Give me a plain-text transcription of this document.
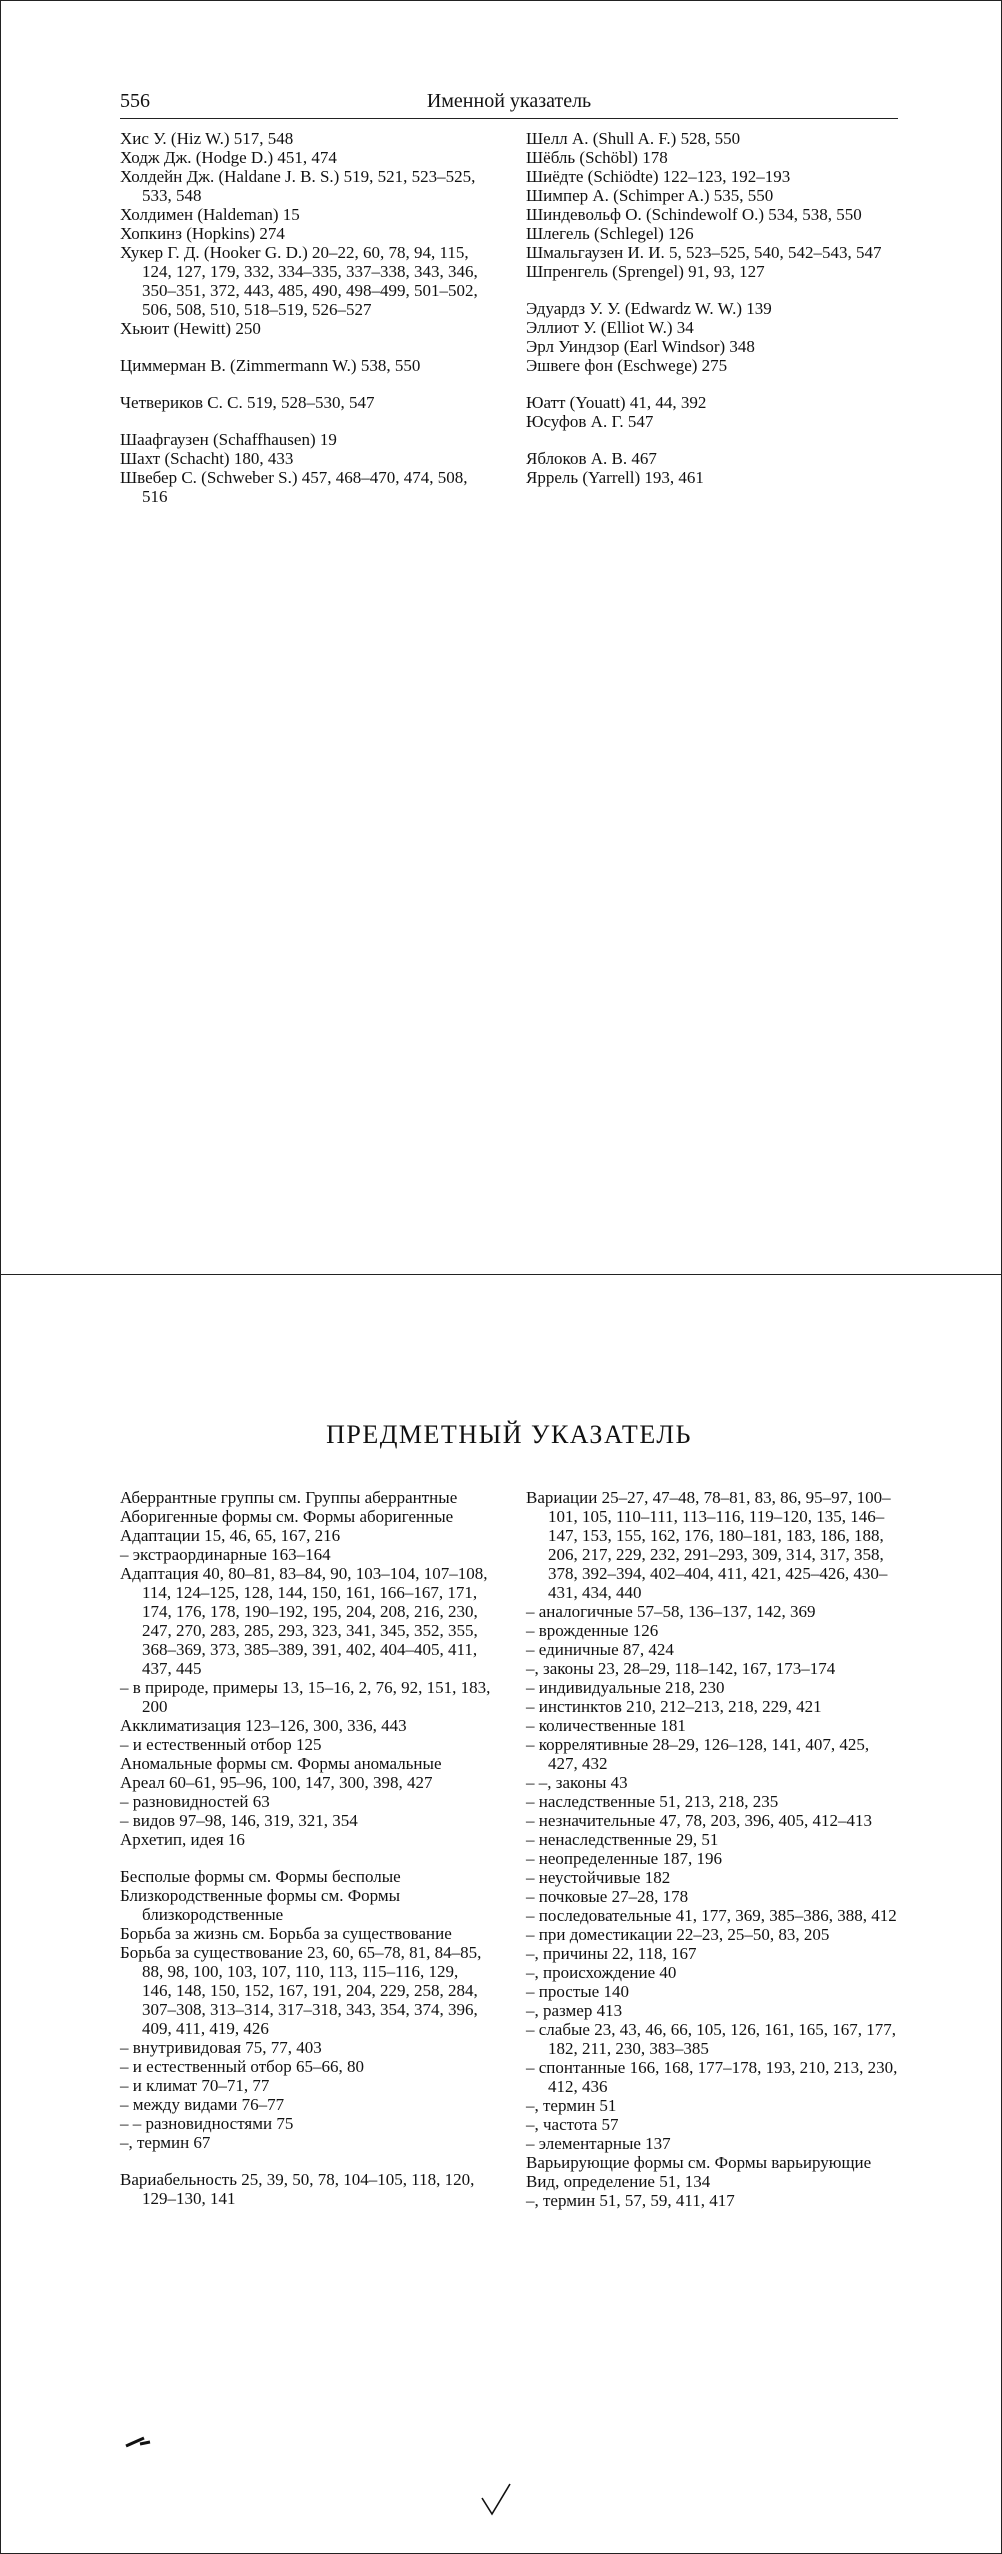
556	Именной указатель
Хис У. (Hiz W.) 517, 548
Ходж Дж. (Hodge D.) 451, 474
Холдейн Дж. (Haldane J. B. S.) 519, 521, 523–525, 533, 548
Холдимен (Haldeman) 15
Хопкинз (Hopkins) 274
Хукер Г. Д. (Hooker G. D.) 20–22, 60, 78, 94, 115, 124, 127, 179, 332, 334–335, 337–338, 343, 346, 350–351, 372, 443, 485, 490, 498–499, 501–502, 506, 508, 510, 518–519, 526–527
Хьюит (Hewitt) 250
Циммерман В. (Zimmermann W.) 538, 550
Четвериков С. С. 519, 528–530, 547
Шаафгаузен (Schaffhausen) 19
Шахт (Schacht) 180, 433
Швебер С. (Schweber S.) 457, 468–470, 474, 508, 516
Шелл А. (Shull A. F.) 528, 550
Шёбль (Schöbl) 178
Шиёдте (Schiödte) 122–123, 192–193
Шимпер А. (Schimper A.) 535, 550
Шиндевольф О. (Schindewolf O.) 534, 538, 550
Шлегель (Schlegel) 126
Шмальгаузен И. И. 5, 523–525, 540, 542–543, 547
Шпренгель (Sprengel) 91, 93, 127
Эдуардз У. У. (Edwardz W. W.) 139
Эллиот У. (Elliot W.) 34
Эрл Уиндзор (Earl Windsor) 348
Эшвеге фон (Eschwege) 275
Юатт (Youatt) 41, 44, 392
Юсуфов А. Г. 547
Яблоков А. В. 467
Яррель (Yarrell) 193, 461
ПРЕДМЕТНЫЙ УКАЗАТЕЛЬ
Аберрантные группы см. Группы аберрантные
Аборигенные формы см. Формы аборигенные
Адаптации 15, 46, 65, 167, 216
– экстраординарные 163–164
Адаптация 40, 80–81, 83–84, 90, 103–104, 107–108, 114, 124–125, 128, 144, 150, 161, 166–167, 171, 174, 176, 178, 190–192, 195, 204, 208, 216, 230, 247, 270, 283, 285, 293, 323, 341, 345, 352, 355, 368–369, 373, 385–389, 391, 402, 404–405, 411, 437, 445
– в природе, примеры 13, 15–16, 2, 76, 92, 151, 183, 200
Акклиматизация 123–126, 300, 336, 443
– и естественный отбор 125
Аномальные формы см. Формы аномальные
Ареал 60–61, 95–96, 100, 147, 300, 398, 427
– разновидностей 63
– видов 97–98, 146, 319, 321, 354
Архетип, идея 16
Бесполые формы см. Формы бесполые
Близкородственные формы см. Формы близкородственные
Борьба за жизнь см. Борьба за существование
Борьба за существование 23, 60, 65–78, 81, 84–85, 88, 98, 100, 103, 107, 110, 113, 115–116, 129, 146, 148, 150, 152, 167, 191, 204, 229, 258, 284, 307–308, 313–314, 317–318, 343, 354, 374, 396, 409, 411, 419, 426
– внутривидовая 75, 77, 403
– и естественный отбор 65–66, 80
– и климат 70–71, 77
– между видами 76–77
– – разновидностями 75
–, термин 67
Вариабельность 25, 39, 50, 78, 104–105, 118, 120, 129–130, 141
Вариации 25–27, 47–48, 78–81, 83, 86, 95–97, 100–101, 105, 110–111, 113–116, 119–120, 135, 146–147, 153, 155, 162, 176, 180–181, 183, 186, 188, 206, 217, 229, 232, 291–293, 309, 314, 317, 358, 378, 392–394, 402–404, 411, 421, 425–426, 430–431, 434, 440
– аналогичные 57–58, 136–137, 142, 369
– врожденные 126
– единичные 87, 424
–, законы 23, 28–29, 118–142, 167, 173–174
– индивидуальные 218, 230
– инстинктов 210, 212–213, 218, 229, 421
– количественные 181
– коррелятивные 28–29, 126–128, 141, 407, 425, 427, 432
– –, законы 43
– наследственные 51, 213, 218, 235
– незначительные 47, 78, 203, 396, 405, 412–413
– ненаследственные 29, 51
– неопределенные 187, 196
– неустойчивые 182
– почковые 27–28, 178
– последовательные 41, 177, 369, 385–386, 388, 412
– при доместикации 22–23, 25–50, 83, 205
–, причины 22, 118, 167
–, происхождение 40
– простые 140
–, размер 413
– слабые 23, 43, 46, 66, 105, 126, 161, 165, 167, 177, 182, 211, 230, 383–385
– спонтанные 166, 168, 177–178, 193, 210, 213, 230, 412, 436
–, термин 51
–, частота 57
– элементарные 137
Варьирующие формы см. Формы варьирующие
Вид, определение 51, 134
–, термин 51, 57, 59, 411, 417
